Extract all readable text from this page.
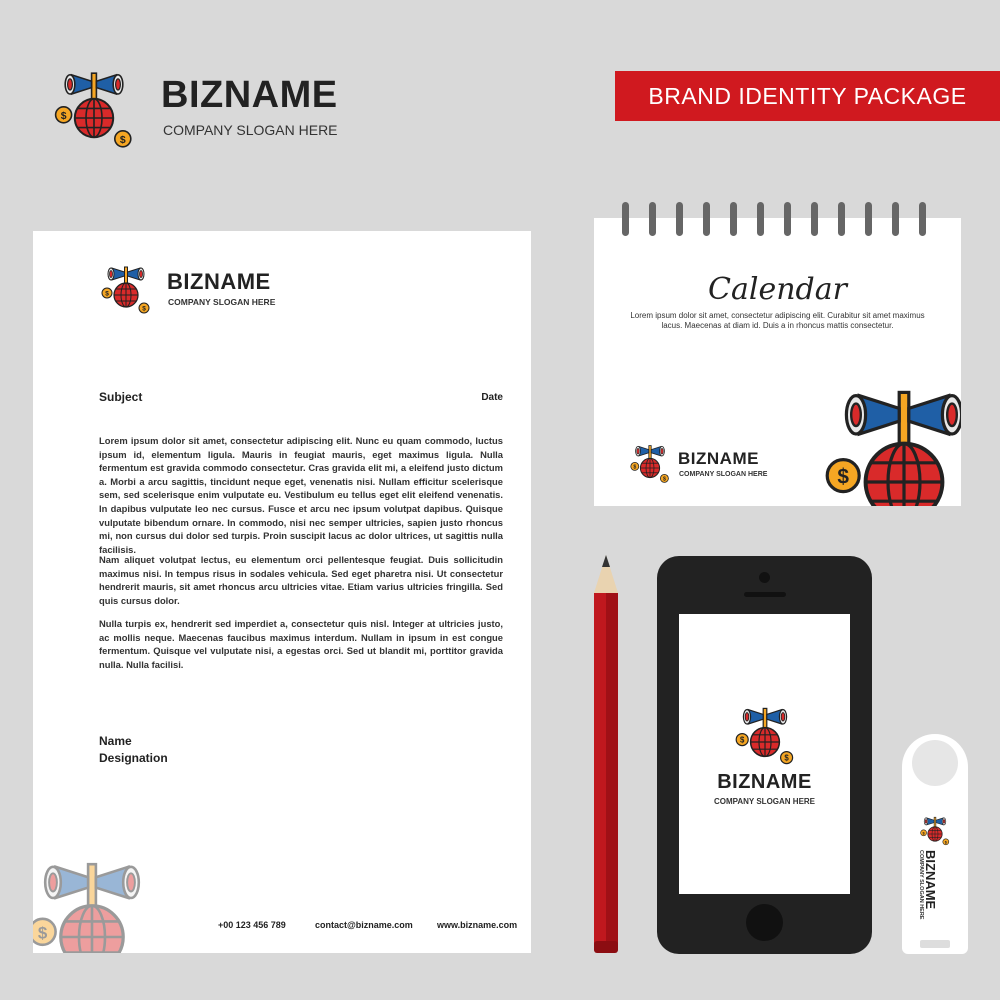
BIZNAME
COMPANY SLOGAN HERE
BRAND IDENTITY PACKAGE
BIZNAME
COMPANY SLOGAN HERE
Subject	Date

Lorem ipsum dolor sit amet, consectetur adipiscing elit. Nunc eu quam commodo, luctus ipsum id, elementum ligula. Mauris in feugiat mauris, eget maximus ligula. Nulla fermentum est gravida commodo consectetur. Cras gravida elit mi, a eleifend justo dictum a. Morbi a arcu sagittis, tincidunt neque eget, venenatis nisi. Nullam efficitur scelerisque sem, sed scelerisque enim vulputate eu. Vestibulum eu tellus eget elit eleifend venenatis. In dapibus vulputate leo nec cursus. Fusce et arcu nec ipsum volutpat dapibus. Quisque vulputate bibendum ornare. In commodo, nisi nec semper ultricies, sapien justo rhoncus mi, non cursus dui dolor sed turpis. Proin suscipit lacus ac dolor ultrices, ut sagittis nulla facilisis.

Nam aliquet volutpat lectus, eu elementum orci pellentesque feugiat. Duis sollicitudin maximus nisi. In tempus risus in sodales vehicula. Sed eget pharetra nisi. Ut consectetur hendrerit mauris, sit amet rhoncus arcu ultricies vitae. Etiam varius ultricies fringilla. Sed quis cursus dolor.

Nulla turpis ex, hendrerit sed imperdiet a, consectetur quis nisl. Integer at ultricies justo, ac mollis neque. Maecenas faucibus maximus interdum. Nullam in ipsum in est congue fermentum. Quisque vel vulputate nisi, a egestas orci. Sed ut blandit mi, porttitor gravida nulla. Nulla facilisi.

Name
Designation
+00 123 456 789	contact@bizname.com	www.bizname.com
Calendar

Lorem ipsum dolor sit amet, consectetur adipiscing elit. Curabitur sit amet maximus lacus. Maecenas at diam id. Duis a in rhoncus mattis consectetur.

BIZNAME
COMPANY SLOGAN HERE
BIZNAME
COMPANY SLOGAN HERE
BIZNAME
COMPANY SLOGAN HERE
